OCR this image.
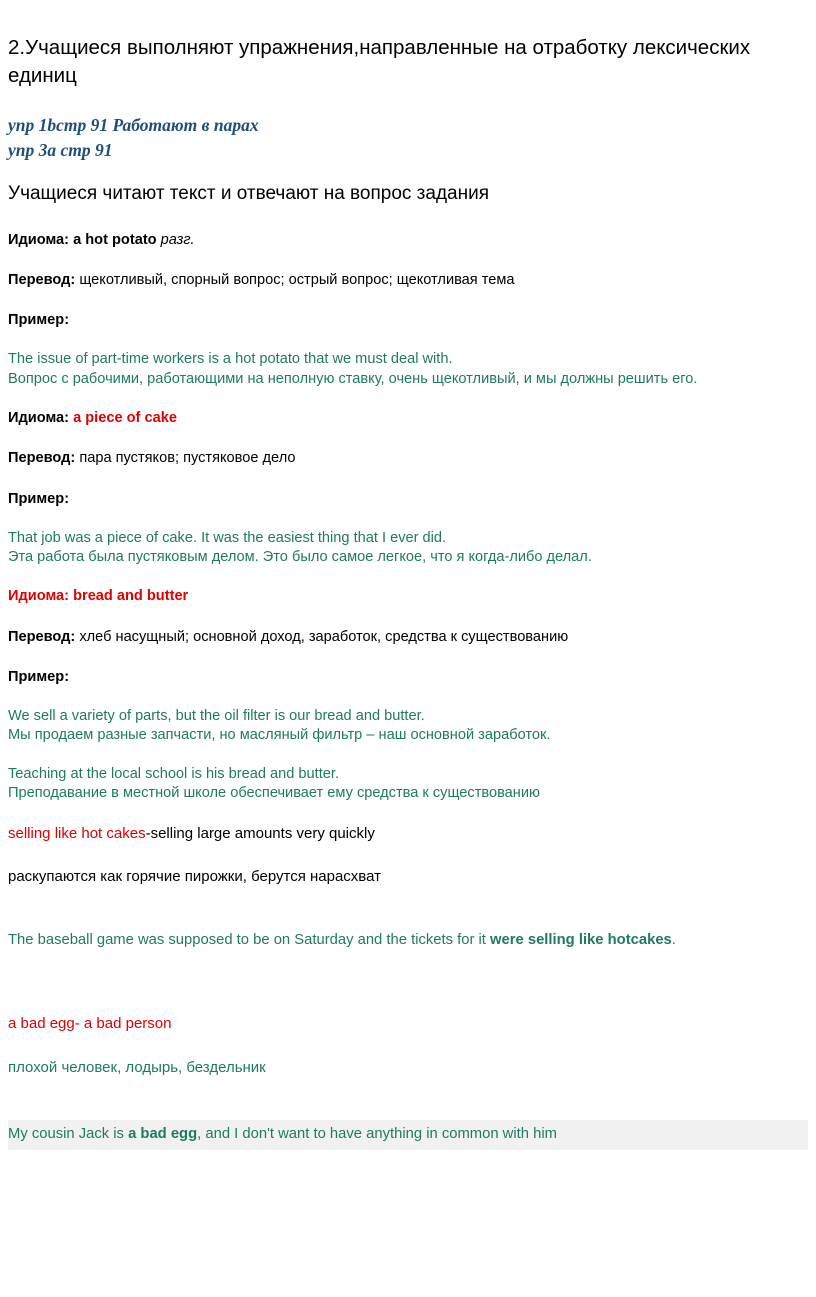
2.Учащиеся выполняют упражнения,направленные на отработку лексических
единиц

упр 1bстр 91 Работают в парах

упр 3a стр 91

Учащиеся читают текст и отвечают на вопрос задания

Идиома: a hot potato разг.

Перевод: щекотливый, спорный вопрос; острый вопрос; щекотливая тема

Пример:

The issue of part-time workers is a hot potato that we must deal with.
Вопрос с рабочими, работающими на неполную ставку, очень щекотливый, и мы должны решить его.

Идиома: a piece of cake

Перевод: пара пустяков; пустяковое дело

Пример:

That job was a piece of cake. It was the easiest thing that I ever did.
Эта работа была пустяковым делом. Это было самое легкое, что я когда-либо делал.

Идиома: bread and butter

Перевод: хлеб насущный; основной доход, заработок, средства к существованию

Пример:

We sell a variety of parts, but the oil filter is our bread and butter.
Мы продаем разные запчасти, но масляный фильтр – наш основной заработок.
Teaching at the local school is his bread and butter.
Преподавание в местной школе обеспечивает ему средства к существованию

selling like hot cakes-selling large amounts very quickly

раскупаются как горячие пирожки, берутся нарасхват

The baseball game was supposed to be on Saturday and the tickets for it were selling like hotcakes.

a bad egg- a bad person

плохой человек, лодырь, бездельник

My cousin Jack is a bad egg, and I don't want to have anything in common with him
